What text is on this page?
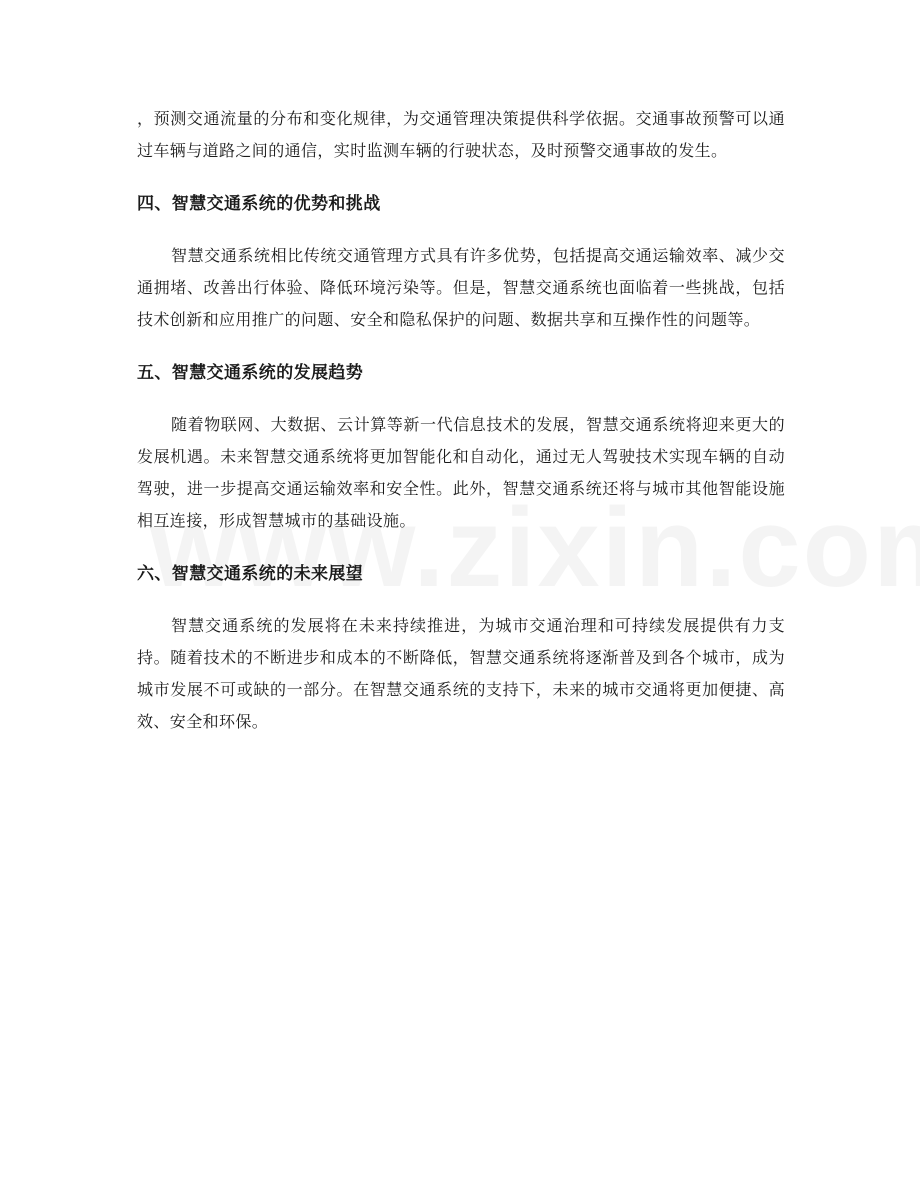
，预测交通流量的分布和变化规律，为交通管理决策提供科学依据。交通事故预警可以通过车辆与道路之间的通信，实时监测车辆的行驶状态，及时预警交通事故的发生。

四、智慧交通系统的优势和挑战

智慧交通系统相比传统交通管理方式具有许多优势，包括提高交通运输效率、减少交通拥堵、改善出行体验、降低环境污染等。但是，智慧交通系统也面临着一些挑战，包括技术创新和应用推广的问题、安全和隐私保护的问题、数据共享和互操作性的问题等。

五、智慧交通系统的发展趋势

随着物联网、大数据、云计算等新一代信息技术的发展，智慧交通系统将迎来更大的发展机遇。未来智慧交通系统将更加智能化和自动化，通过无人驾驶技术实现车辆的自动驾驶，进一步提高交通运输效率和安全性。此外，智慧交通系统还将与城市其他智能设施相互连接，形成智慧城市的基础设施。

六、智慧交通系统的未来展望

智慧交通系统的发展将在未来持续推进，为城市交通治理和可持续发展提供有力支持。随着技术的不断进步和成本的不断降低，智慧交通系统将逐渐普及到各个城市，成为城市发展不可或缺的一部分。在智慧交通系统的支持下，未来的城市交通将更加便捷、高效、安全和环保。
